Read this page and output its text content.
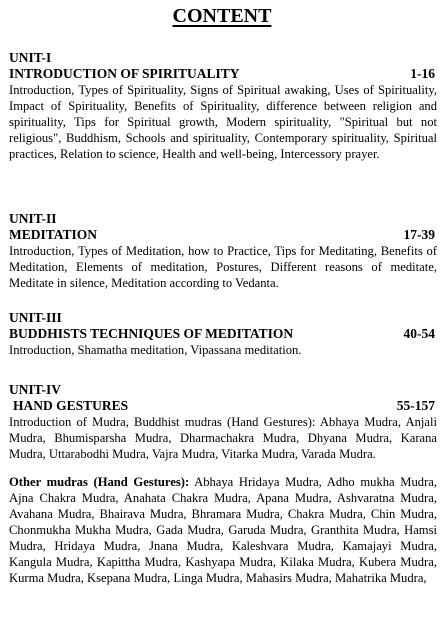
CONTENT
UNIT-I
INTRODUCTION OF SPIRITUALITY	1-16

Introduction, Types of Spirituality, Signs of Spiritual awaking, Uses of Spirituality, Impact of Spirituality, Benefits of Spirituality, difference between religion and spirituality, Tips for Spiritual growth, Modern spirituality, "Spiritual but not religious", Buddhism, Schools and spirituality, Contemporary spirituality, Spiritual practices, Relation to science, Health and well-being, Intercessory prayer.

UNIT-II
MEDITATION	17-39

Introduction, Types of Meditation, how to Practice, Tips for Meditating, Benefits of Meditation, Elements of meditation, Postures, Different reasons of meditate, Meditate in silence, Meditation according to Vedanta.

UNIT-III
BUDDHISTS TECHNIQUES OF MEDITATION	40-54

Introduction, Shamatha meditation, Vipassana meditation.

UNIT-IV
HAND GESTURES	55-157

Introduction of Mudra, Buddhist mudras (Hand Gestures): Abhaya Mudra, Anjali Mudra, Bhumisparsha Mudra, Dharmachakra Mudra, Dhyana Mudra, Karana Mudra, Uttarabodhi Mudra, Vajra Mudra, Vitarka Mudra, Varada Mudra.

Other mudras (Hand Gestures): Abhaya Hridaya Mudra, Adho mukha Mudra, Ajna Chakra Mudra, Anahata Chakra Mudra, Apana Mudra, Ashvaratna Mudra, Avahana Mudra, Bhairava Mudra, Bhramara Mudra, Chakra Mudra, Chin Mudra, Chonmukha Mukha Mudra, Gada Mudra, Garuda Mudra, Granthita Mudra, Hamsi Mudra, Hridaya Mudra, Jnana Mudra, Kaleshvara Mudra, Kamajayi Mudra, Kangula Mudra, Kapittha Mudra, Kashyapa Mudra, Kilaka Mudra, Kubera Mudra, Kurma Mudra, Ksepana Mudra, Linga Mudra, Mahasirs Mudra, Mahatrika Mudra,
